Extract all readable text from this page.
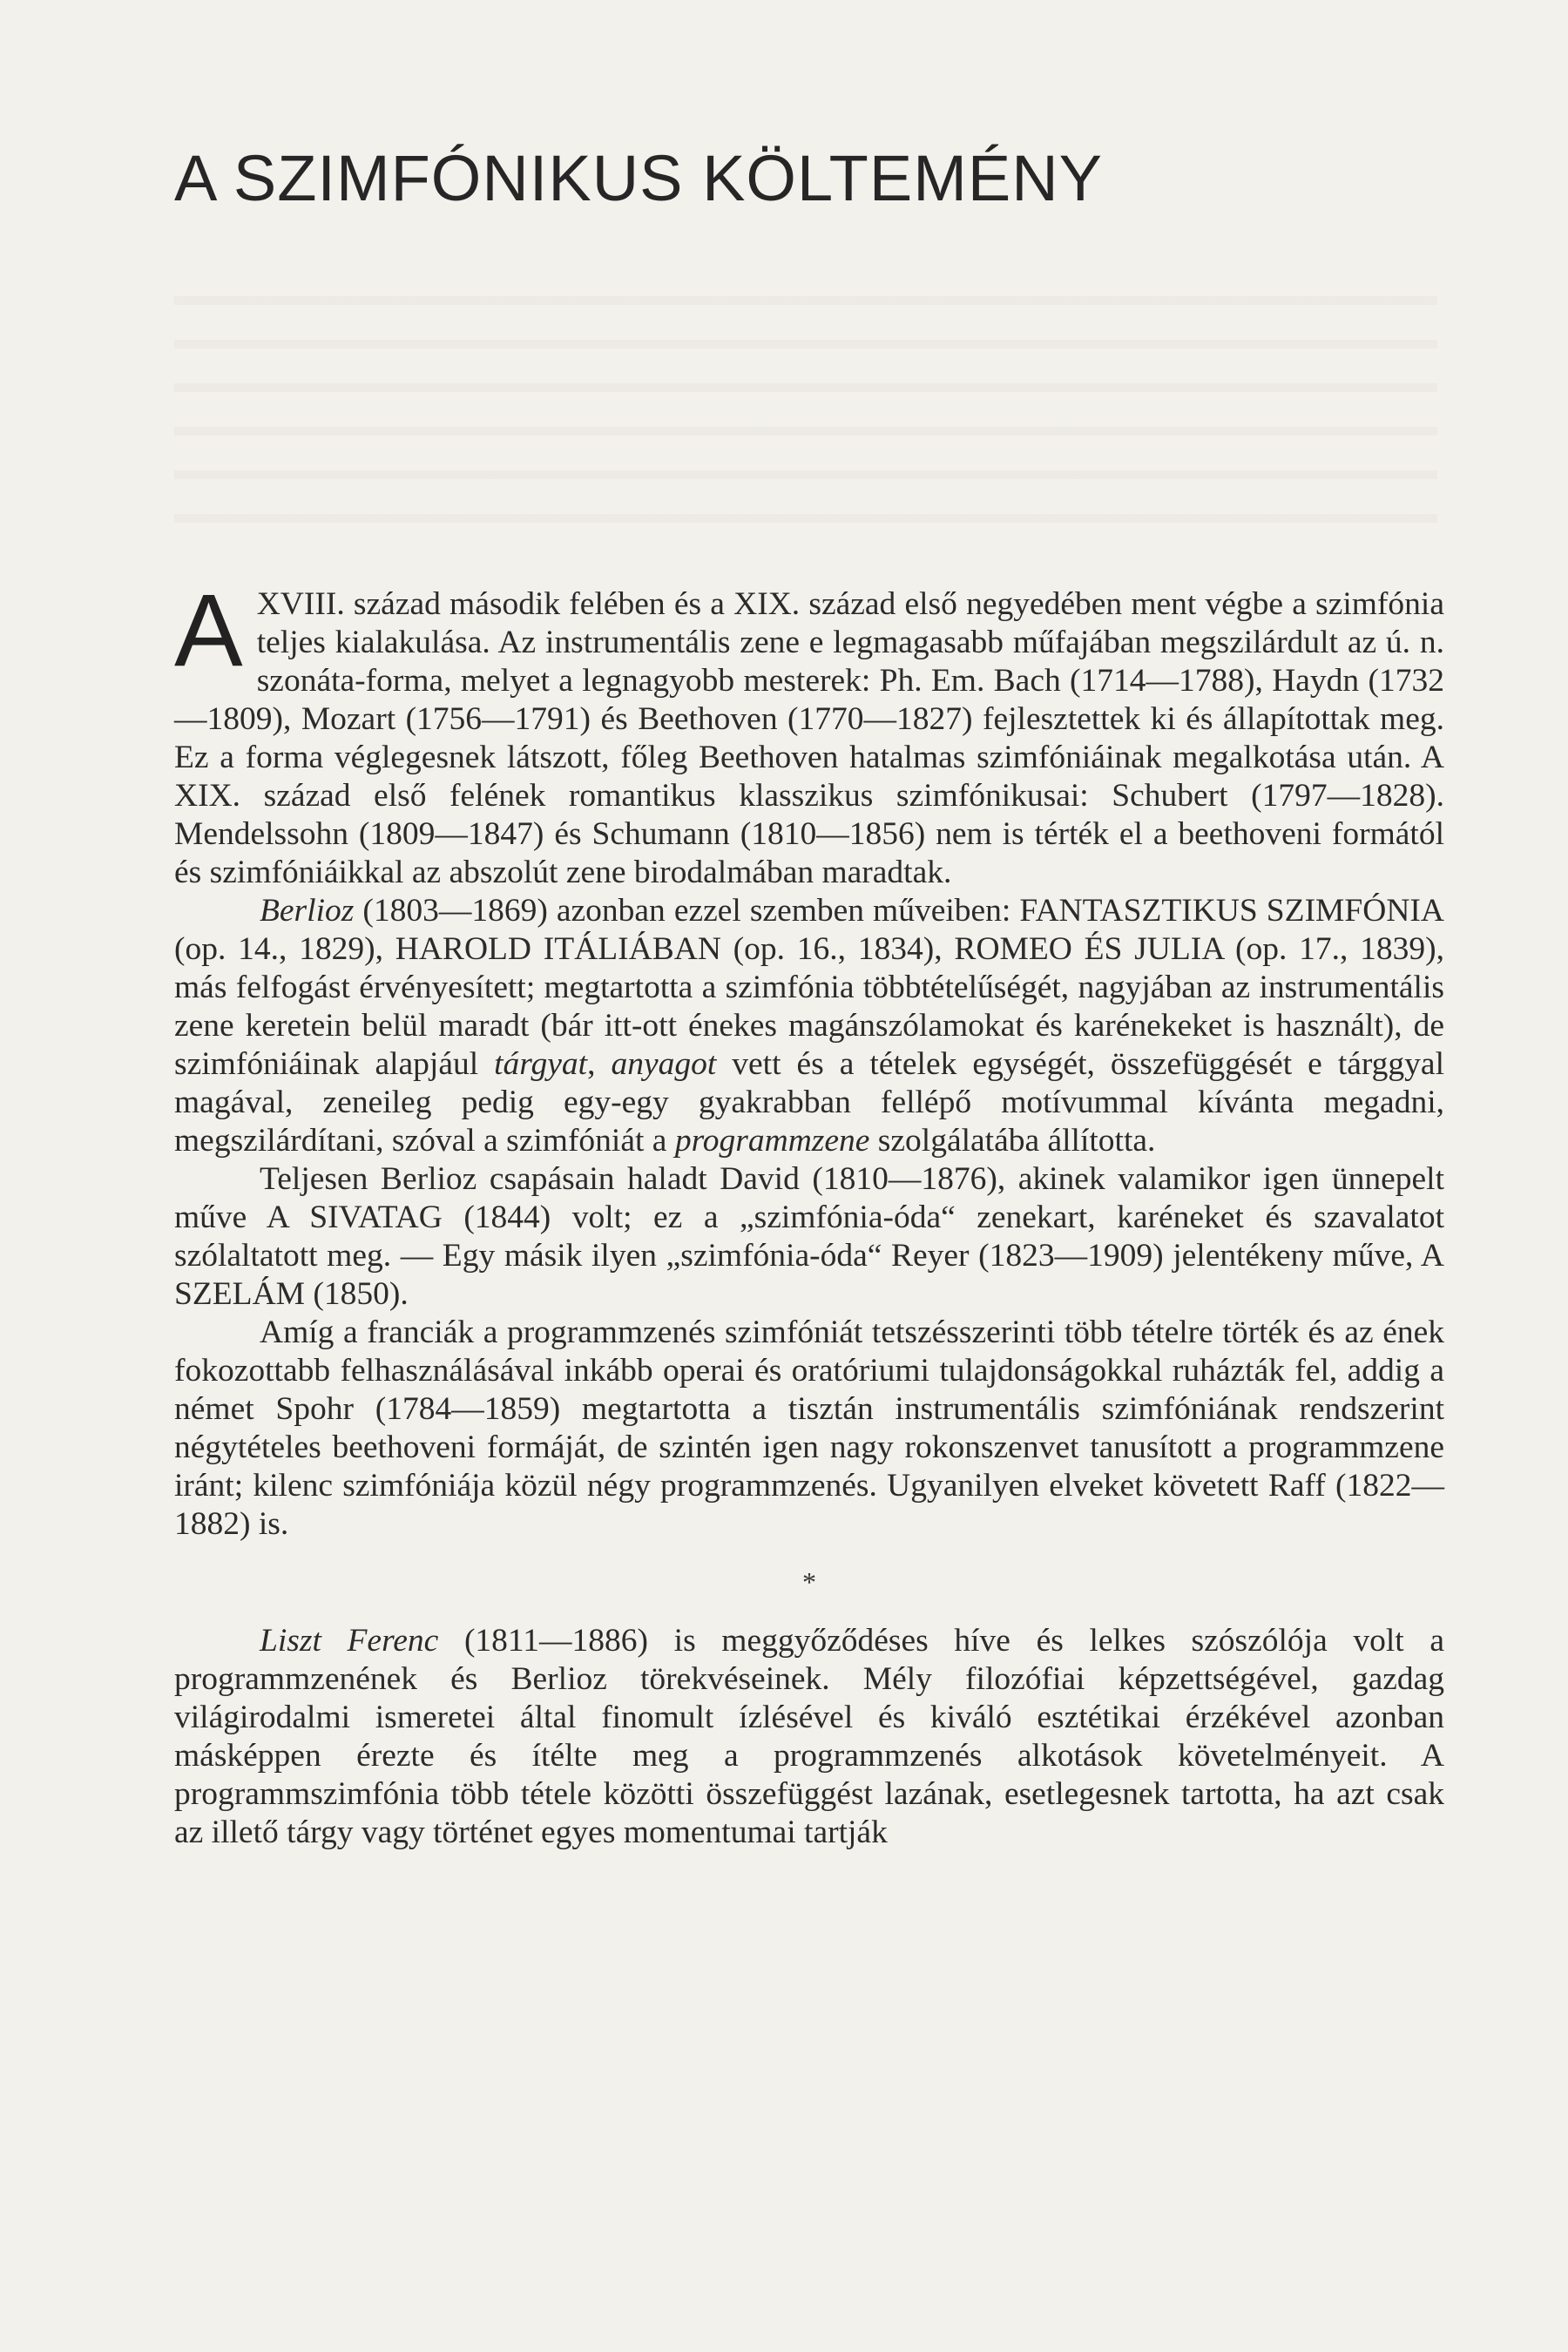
A SZIMFÓNIKUS KÖLTEMÉNY

AXVIII. század második felében és a XIX. század első negyedében ment végbe a szimfónia teljes kialakulása. Az instrumentális zene e legmagasabb műfajában megszilárdult az ú. n. szonáta-forma, melyet a legnagyobb mesterek: Ph. Em. Bach (1714—1788), Haydn (1732—1809), Mozart (1756—1791) és Beethoven (1770—1827) fejlesztettek ki és állapítottak meg. Ez a forma véglegesnek látszott, főleg Beethoven hatalmas szimfóniáinak megalkotása után. A XIX. század első felének romantikus klasszikus szimfónikusai: Schubert (1797—1828). Mendelssohn (1809—1847) és Schumann (1810—1856) nem is térték el a beethoveni formától és szimfóniáikkal az abszolút zene birodalmában maradtak.

Berlioz (1803—1869) azonban ezzel szemben műveiben: FANTASZTIKUS SZIMFÓNIA (op. 14., 1829), HAROLD ITÁLIÁBAN (op. 16., 1834), ROMEO ÉS JULIA (op. 17., 1839), más felfogást érvényesített; megtartotta a szimfónia többtételűségét, nagyjában az instrumentális zene keretein belül maradt (bár itt-ott énekes magánszólamokat és karénekeket is használt), de szimfóniáinak alapjául tárgyat, anyagot vett és a tételek egységét, összefüggését e tárggyal magával, zeneileg pedig egy-egy gyakrabban fellépő motívummal kívánta megadni, megszilárdítani, szóval a szimfóniát a programmzene szolgálatába állította.

Teljesen Berlioz csapásain haladt David (1810—1876), akinek valamikor igen ünnepelt műve A SIVATAG (1844) volt; ez a „szimfónia-óda“ zenekart, karéneket és szavalatot szólaltatott meg. — Egy másik ilyen „szimfónia-óda“ Reyer (1823—1909) jelentékeny műve, A SZELÁM (1850).

Amíg a franciák a programmzenés szimfóniát tetszésszerinti több tételre törték és az ének fokozottabb felhasználásával inkább operai és oratóriumi tulajdonságokkal ruházták fel, addig a német Spohr (1784—1859) megtartotta a tisztán instrumentális szimfóniának rendszerint négytételes beethoveni formáját, de szintén igen nagy rokonszenvet tanusított a programmzene iránt; kilenc szimfóniája közül négy programmzenés. Ugyanilyen elveket követett Raff (1822—1882) is.

*

Liszt Ferenc (1811—1886) is meggyőződéses híve és lelkes szószólója volt a programmzenének és Berlioz törekvéseinek. Mély filozófiai képzettségével, gazdag világirodalmi ismeretei által finomult ízlésével és kiváló esztétikai érzékével azonban másképpen érezte és ítélte meg a programmzenés alkotások követelményeit. A programmszimfónia több tétele közötti összefüggést lazának, esetlegesnek tartotta, ha azt csak az illető tárgy vagy történet egyes momentumai tartják
